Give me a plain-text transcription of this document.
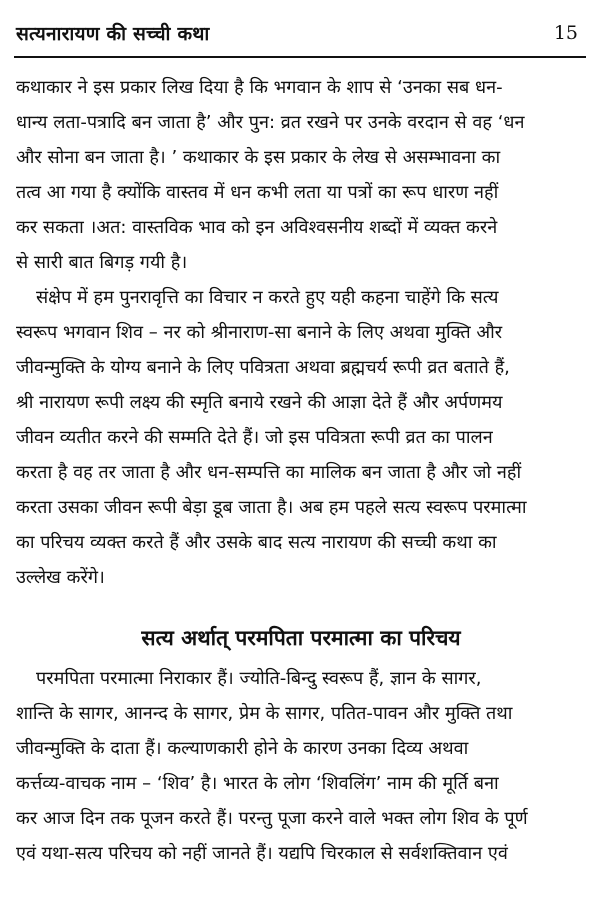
सत्यनारायण की सच्ची कथा	15
कथाकार ने इस प्रकार लिख दिया है कि भगवान के शाप से ‘उनका सब धन-
धान्य लता-पत्रादि बन जाता है’ और पुन: व्रत रखने पर उनके वरदान से वह ‘धन
और सोना बन जाता है। ’ कथाकार के इस प्रकार के लेख से असम्भावना का
तत्व आ गया है क्योंकि वास्तव में धन कभी लता या पत्रों का रूप धारण नहीं
कर सकता ।अत: वास्तविक भाव को इन अविश्वसनीय शब्दों में व्यक्त करने
से सारी बात बिगड़ गयी है।
संक्षेप में हम पुनरावृत्ति का विचार न करते हुए यही कहना चाहेंगे कि सत्य
स्वरूप भगवान शिव – नर को श्रीनाराण-सा बनाने के लिए अथवा मुक्ति और
जीवन्मुक्ति के योग्य बनाने के लिए पवित्रता अथवा ब्रह्मचर्य रूपी व्रत बताते हैं,
श्री नारायण रूपी लक्ष्य की स्मृति बनाये रखने की आज्ञा देते हैं और अर्पणमय
जीवन व्यतीत करने की सम्मति देते हैं। जो इस पवित्रता रूपी व्रत का पालन
करता है वह तर जाता है और धन-सम्पत्ति का मालिक बन जाता है और जो नहीं
करता उसका जीवन रूपी बेड़ा डूब जाता है। अब हम पहले सत्य स्वरूप परमात्मा
का परिचय व्यक्त करते हैं और उसके बाद सत्य नारायण की सच्ची कथा का
उल्लेख करेंगे।
सत्य अर्थात् परमपिता परमात्मा का परिचय
परमपिता परमात्मा निराकार हैं। ज्योति-बिन्दु स्वरूप हैं, ज्ञान के सागर,
शान्ति के सागर, आनन्द के सागर, प्रेम के सागर, पतित-पावन और मुक्ति तथा
जीवन्मुक्ति के दाता हैं। कल्याणकारी होने के कारण उनका दिव्य अथवा
कर्त्तव्य-वाचक नाम – ‘शिव’ है। भारत के लोग ‘शिवलिंग’ नाम की मूर्ति बना
कर आज दिन तक पूजन करते हैं। परन्तु पूजा करने वाले भक्त लोग शिव के पूर्ण
एवं यथा-सत्य परिचय को नहीं जानते हैं। यद्यपि चिरकाल से सर्वशक्तिवान एवं
